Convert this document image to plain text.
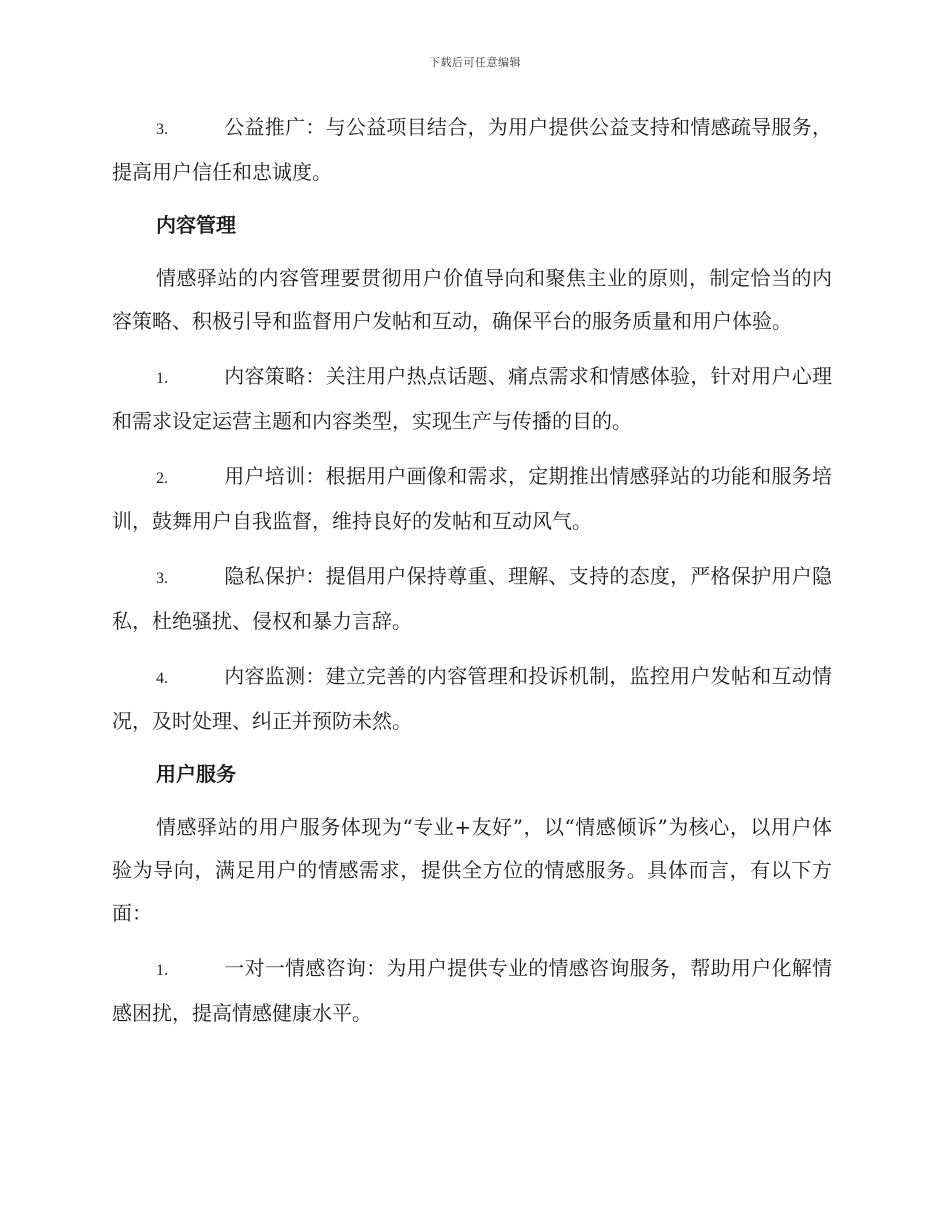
下载后可任意编辑

3.	公益推广：与公益项目结合，为用户提供公益支持和情感疏导服务，提高用户信任和忠诚度。

内容管理

情感驿站的内容管理要贯彻用户价值导向和聚焦主业的原则，制定恰当的内容策略、积极引导和监督用户发帖和互动，确保平台的服务质量和用户体验。

1.	内容策略：关注用户热点话题、痛点需求和情感体验，针对用户心理和需求设定运营主题和内容类型，实现生产与传播的目的。

2.	用户培训：根据用户画像和需求，定期推出情感驿站的功能和服务培训，鼓舞用户自我监督，维持良好的发帖和互动风气。

3.	隐私保护：提倡用户保持尊重、理解、支持的态度，严格保护用户隐私，杜绝骚扰、侵权和暴力言辞。

4.	内容监测：建立完善的内容管理和投诉机制，监控用户发帖和互动情况，及时处理、纠正并预防未然。

用户服务

情感驿站的用户服务体现为“专业+友好”，以“情感倾诉”为核心，以用户体验为导向，满足用户的情感需求，提供全方位的情感服务。具体而言，有以下方面：

1.	一对一情感咨询：为用户提供专业的情感咨询服务，帮助用户化解情感困扰，提高情感健康水平。
